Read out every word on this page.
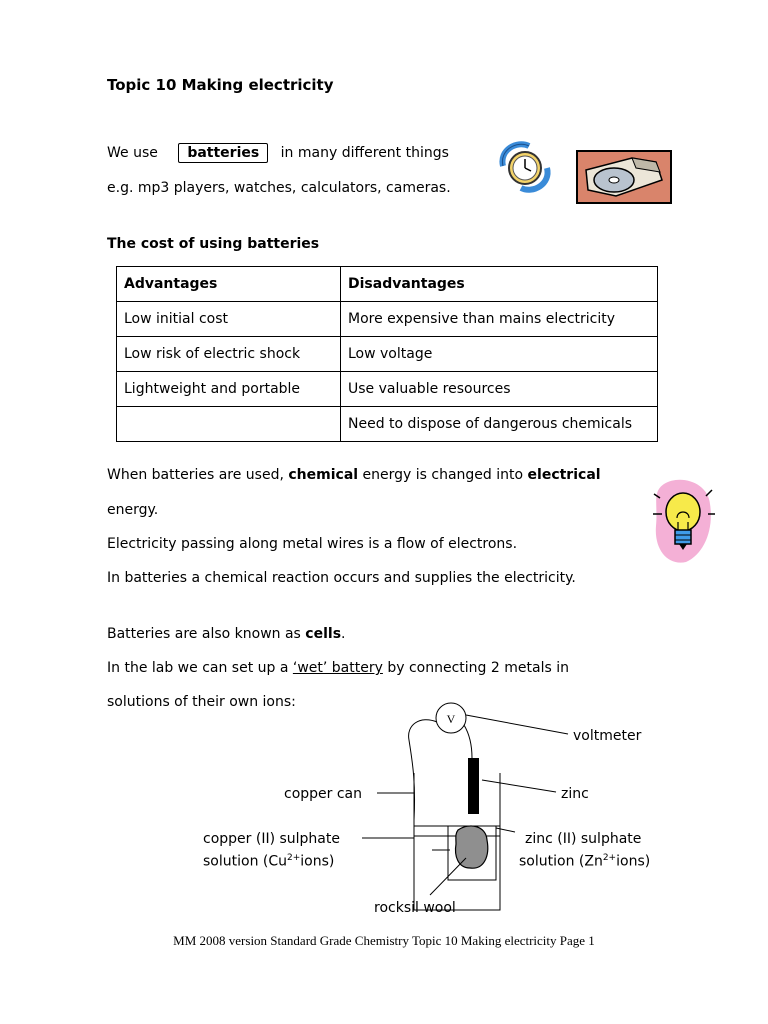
Topic 10 Making electricity
We use batteries in many different things
e.g. mp3 players, watches, calculators, cameras.
The cost of using batteries
Advantages	Disadvantages
Low initial cost	More expensive than mains electricity
Low risk of electric shock	Low voltage
Lightweight and portable	Use valuable resources
	Need to dispose of dangerous chemicals
When batteries are used, chemical energy is changed into electrical
energy.
Electricity passing along metal wires is a flow of electrons.
In batteries a chemical reaction occurs and supplies the electricity.
Batteries are also known as cells.
In the lab we can set up a ‘wet’ battery by connecting 2 metals in
solutions of their own ions:
V
voltmeter
copper can	zinc
copper (II) sulphate
solution $(Cu^{2+}ions)$
zinc (II) sulphate
solution $(Zn^{2+}ions)$
rocksil wool
MM 2008 version Standard Grade Chemistry Topic 10 Making electricity Page 1
